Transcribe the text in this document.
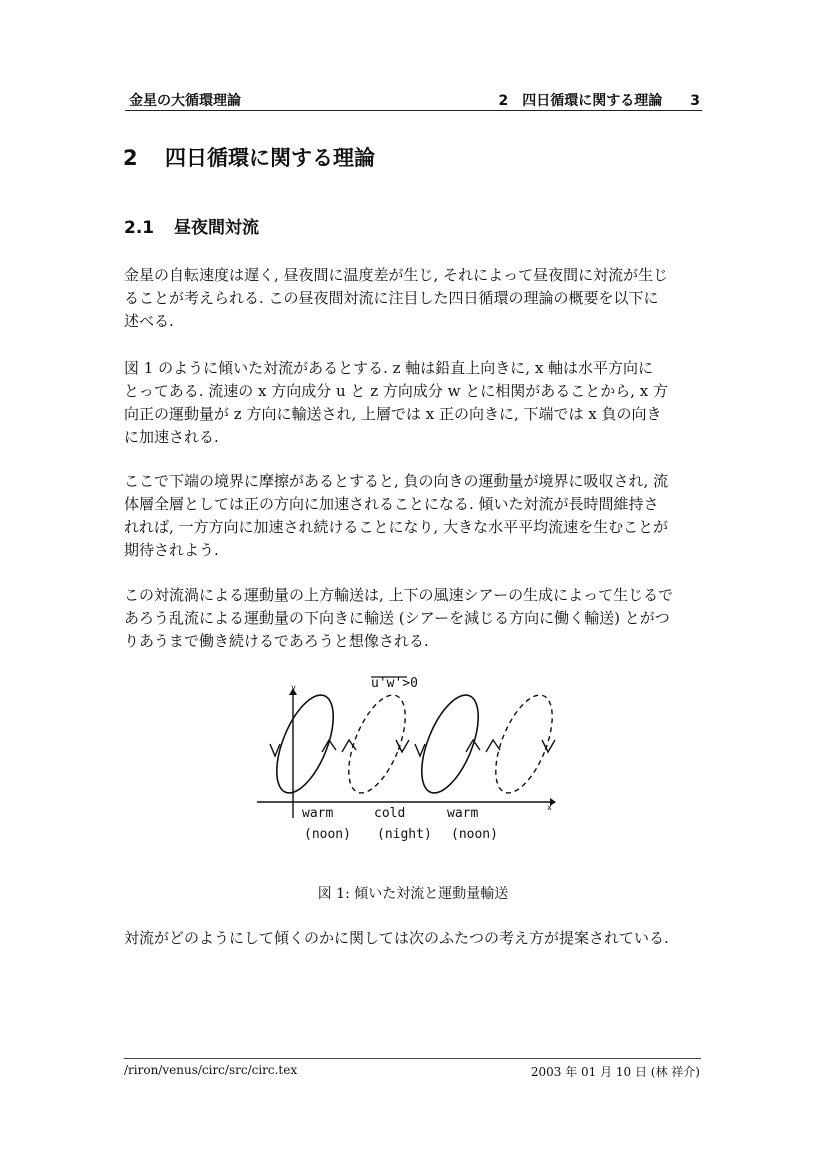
金星の大循環理論	2　四日循環に関する理論　　3
2 四日循環に関する理論
2.1 昼夜間対流
金星の自転速度は遅く, 昼夜間に温度差が生じ, それによって昼夜間に対流が生じ
ることが考えられる. この昼夜間対流に注目した四日循環の理論の概要を以下に
述べる.
図 1 のように傾いた対流があるとする. z 軸は鉛直上向きに, x 軸は水平方向に
とってある. 流速の x 方向成分 u と z 方向成分 w とに相関があることから, x 方
向正の運動量が z 方向に輸送され, 上層では x 正の向きに, 下端では x 負の向き
に加速される.
ここで下端の境界に摩擦があるとすると, 負の向きの運動量が境界に吸収され, 流
体層全層としては正の方向に加速されることになる. 傾いた対流が長時間維持さ
れれば, 一方方向に加速され続けることになり, 大きな水平平均流速を生むことが
期待されよう.
この対流渦による運動量の上方輸送は, 上下の風速シアーの生成によって生じるで
あろう乱流による運動量の下向きに輸送 (シアーを減じる方向に働く輸送) とがつ
りあうまで働き続けるであろうと想像される.
u'w'>0
x
y
warm	cold	warm
(noon) (night) (noon)
図 1: 傾いた対流と運動量輸送
対流がどのようにして傾くのかに関しては次のふたつの考え方が提案されている.
/riron/venus/circ/src/circ.tex	2003 年 01 月 10 日 (林 祥介)
